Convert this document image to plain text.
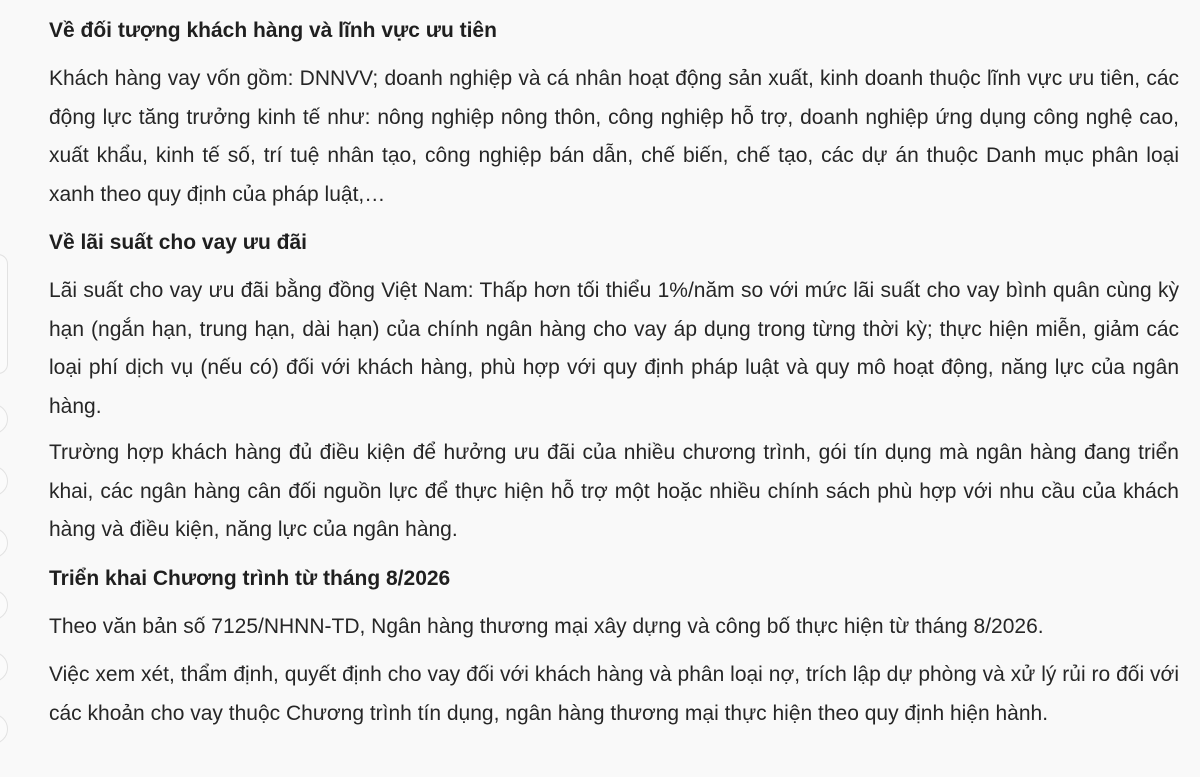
Về đối tượng khách hàng và lĩnh vực ưu tiên

Khách hàng vay vốn gồm: DNNVV; doanh nghiệp và cá nhân hoạt động sản xuất, kinh doanh thuộc lĩnh vực ưu tiên, các động lực tăng trưởng kinh tế như: nông nghiệp nông thôn, công nghiệp hỗ trợ, doanh nghiệp ứng dụng công nghệ cao, xuất khẩu, kinh tế số, trí tuệ nhân tạo, công nghiệp bán dẫn, chế biến, chế tạo, các dự án thuộc Danh mục phân loại xanh theo quy định của pháp luật,…

Về lãi suất cho vay ưu đãi

Lãi suất cho vay ưu đãi bằng đồng Việt Nam: Thấp hơn tối thiểu 1%/năm so với mức lãi suất cho vay bình quân cùng kỳ hạn (ngắn hạn, trung hạn, dài hạn) của chính ngân hàng cho vay áp dụng trong từng thời kỳ; thực hiện miễn, giảm các loại phí dịch vụ (nếu có) đối với khách hàng, phù hợp với quy định pháp luật và quy mô hoạt động, năng lực của ngân hàng.

Trường hợp khách hàng đủ điều kiện để hưởng ưu đãi của nhiều chương trình, gói tín dụng mà ngân hàng đang triển khai, các ngân hàng cân đối nguồn lực để thực hiện hỗ trợ một hoặc nhiều chính sách phù hợp với nhu cầu của khách hàng và điều kiện, năng lực của ngân hàng.

Triển khai Chương trình từ tháng 8/2026

Theo văn bản số 7125/NHNN-TD, Ngân hàng thương mại xây dựng và công bố thực hiện từ tháng 8/2026.

Việc xem xét, thẩm định, quyết định cho vay đối với khách hàng và phân loại nợ, trích lập dự phòng và xử lý rủi ro đối với các khoản cho vay thuộc Chương trình tín dụng, ngân hàng thương mại thực hiện theo quy định hiện hành.
